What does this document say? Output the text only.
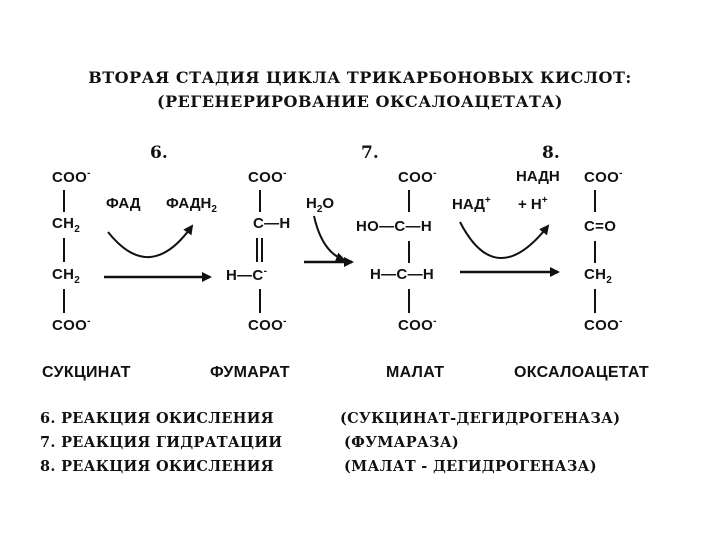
ВТОРАЯ СТАДИЯ ЦИКЛА ТРИКАРБОНОВЫХ КИСЛОТ:
(РЕГЕНЕРИРОВАНИЕ ОКСАЛОАЦЕТАТА)
6.	7.	8.
COO-
$CH_2$
$CH_2$
COO-
ФАД $ФАДН_2$
COO-
C—H
H—C-
COO-
$Н_2О$
COO-
HO—C—H
H—C—H
COO-
НАД+
НАДН
+ Н+
COO-
C=O
$CH_2$
COO-
СУКЦИНАТ	ФУМАРАТ	МАЛАТ	ОКСАЛОАЦЕТАТ
6. РЕАКЦИЯ ОКИСЛЕНИЯ	(СУКЦИНАТ-ДЕГИДРОГЕНАЗА)
7. РЕАКЦИЯ ГИДРАТАЦИИ	(ФУМАРАЗА)
8. РЕАКЦИЯ ОКИСЛЕНИЯ	(МАЛАТ - ДЕГИДРОГЕНАЗА)
